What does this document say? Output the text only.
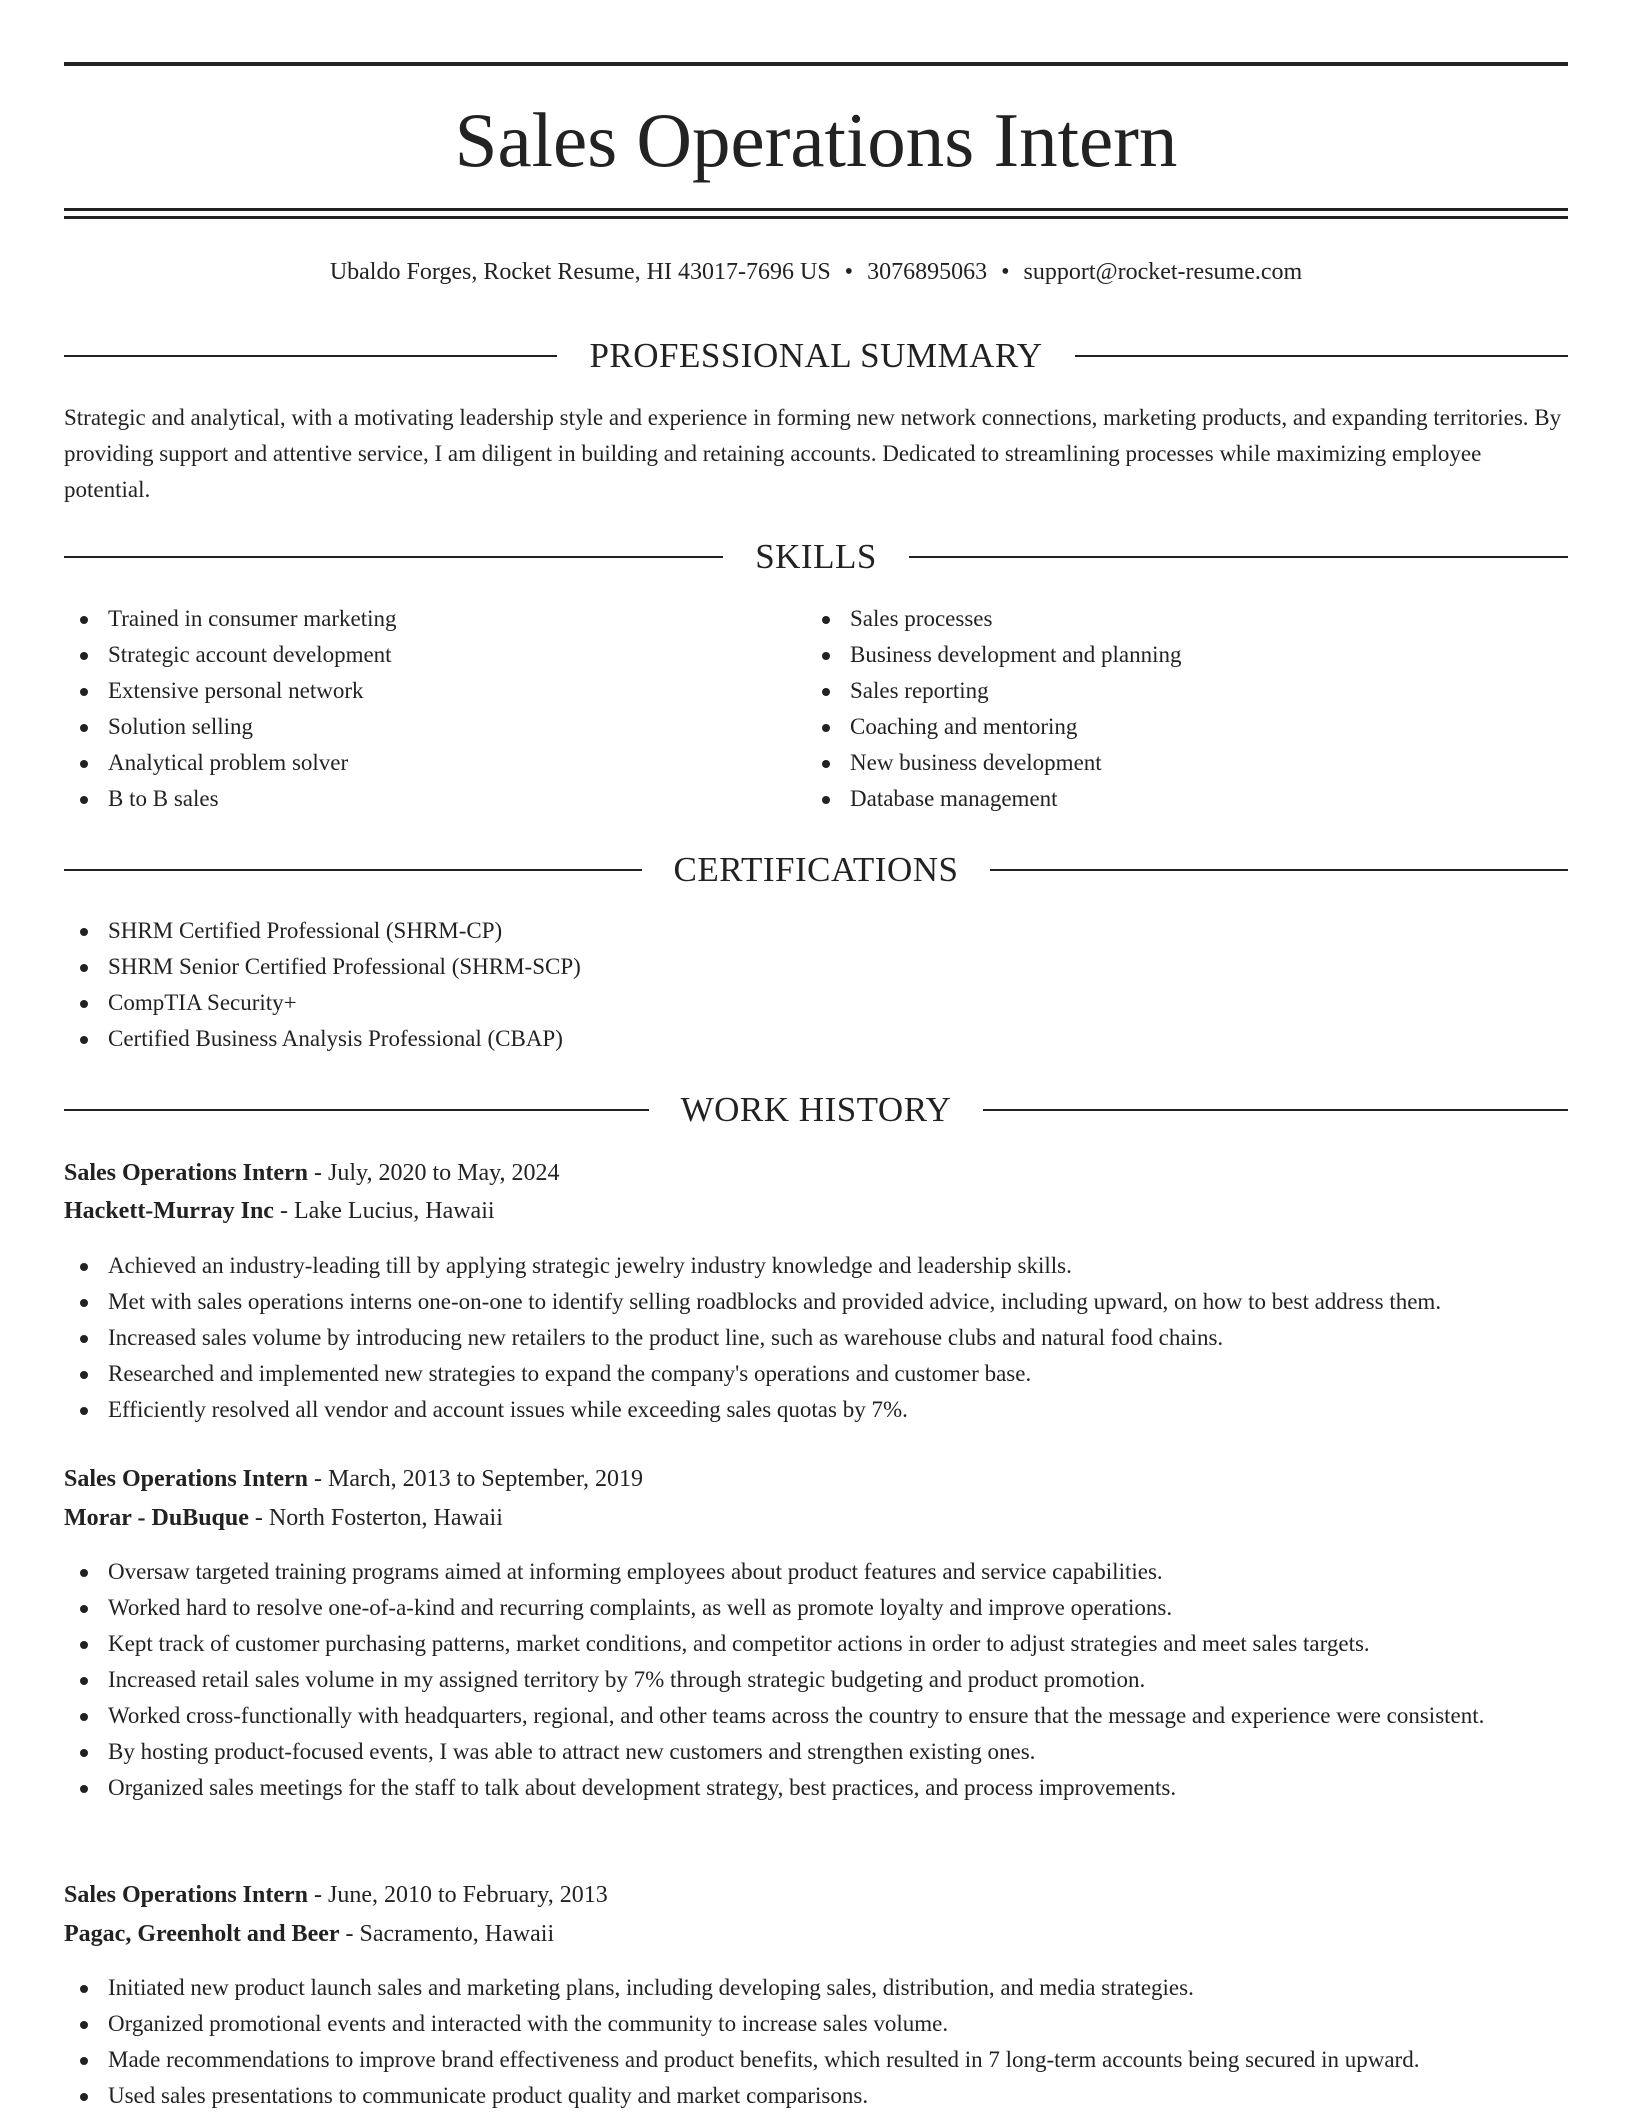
Sales Operations Intern
Ubaldo Forges, Rocket Resume, HI 43017-7696 US • 3076895063 • support@rocket-resume.com
PROFESSIONAL SUMMARY

Strategic and analytical, with a motivating leadership style and experience in forming new network connections, marketing products, and expanding territories. By providing support and attentive service, I am diligent in building and retaining accounts. Dedicated to streamlining processes while maximizing employee potential.

SKILLS
Trained in consumer marketing
Strategic account development
Extensive personal network
Solution selling
Analytical problem solver
B to B sales
Sales processes
Business development and planning
Sales reporting
Coaching and mentoring
New business development
Database management
CERTIFICATIONS
SHRM Certified Professional (SHRM-CP)
SHRM Senior Certified Professional (SHRM-SCP)
CompTIA Security+
Certified Business Analysis Professional (CBAP)
WORK HISTORY
Sales Operations Intern - July, 2020 to May, 2024
Hackett-Murray Inc - Lake Lucius, Hawaii
Achieved an industry-leading till by applying strategic jewelry industry knowledge and leadership skills.
Met with sales operations interns one-on-one to identify selling roadblocks and provided advice, including upward, on how to best address them.
Increased sales volume by introducing new retailers to the product line, such as warehouse clubs and natural food chains.
Researched and implemented new strategies to expand the company's operations and customer base.
Efficiently resolved all vendor and account issues while exceeding sales quotas by 7%.
Sales Operations Intern - March, 2013 to September, 2019
Morar - DuBuque - North Fosterton, Hawaii
Oversaw targeted training programs aimed at informing employees about product features and service capabilities.
Worked hard to resolve one-of-a-kind and recurring complaints, as well as promote loyalty and improve operations.
Kept track of customer purchasing patterns, market conditions, and competitor actions in order to adjust strategies and meet sales targets.
Increased retail sales volume in my assigned territory by 7% through strategic budgeting and product promotion.
Worked cross-functionally with headquarters, regional, and other teams across the country to ensure that the message and experience were consistent.
By hosting product-focused events, I was able to attract new customers and strengthen existing ones.
Organized sales meetings for the staff to talk about development strategy, best practices, and process improvements.
Sales Operations Intern - June, 2010 to February, 2013
Pagac, Greenholt and Beer - Sacramento, Hawaii
Initiated new product launch sales and marketing plans, including developing sales, distribution, and media strategies.
Organized promotional events and interacted with the community to increase sales volume.
Made recommendations to improve brand effectiveness and product benefits, which resulted in 7 long-term accounts being secured in upward.
Used sales presentations to communicate product quality and market comparisons.
